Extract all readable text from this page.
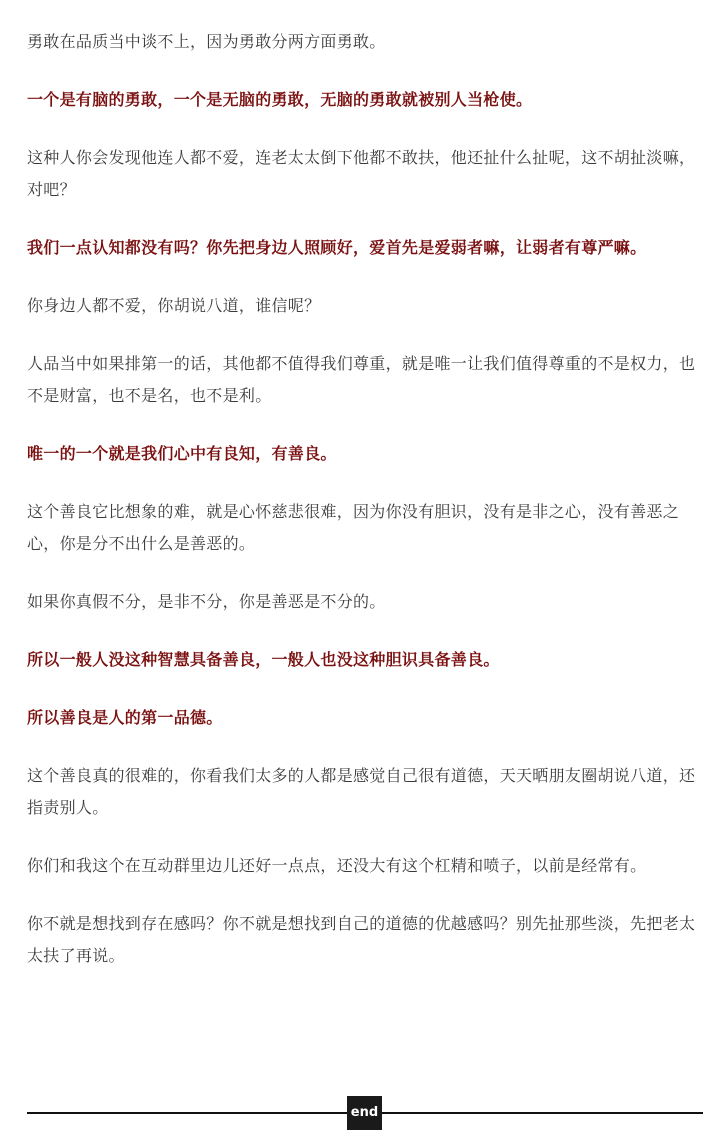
勇敢在品质当中谈不上，因为勇敢分两方面勇敢。

一个是有脑的勇敢，一个是无脑的勇敢，无脑的勇敢就被别人当枪使。

这种人你会发现他连人都不爱，连老太太倒下他都不敢扶，他还扯什么扯呢，这不胡扯淡嘛，对吧？

我们一点认知都没有吗？你先把身边人照顾好，爱首先是爱弱者嘛，让弱者有尊严嘛。

你身边人都不爱，你胡说八道，谁信呢？

人品当中如果排第一的话，其他都不值得我们尊重，就是唯一让我们值得尊重的不是权力，也不是财富，也不是名，也不是利。

唯一的一个就是我们心中有良知，有善良。

这个善良它比想象的难，就是心怀慈悲很难，因为你没有胆识，没有是非之心，没有善恶之心，你是分不出什么是善恶的。

如果你真假不分，是非不分，你是善恶是不分的。

所以一般人没这种智慧具备善良，一般人也没这种胆识具备善良。

所以善良是人的第一品德。

这个善良真的很难的，你看我们太多的人都是感觉自己很有道德，天天晒朋友圈胡说八道，还指责别人。

你们和我这个在互动群里边儿还好一点点，还没大有这个杠精和喷子，以前是经常有。

你不就是想找到存在感吗？你不就是想找到自己的道德的优越感吗？别先扯那些淡，先把老太太扶了再说。

end
